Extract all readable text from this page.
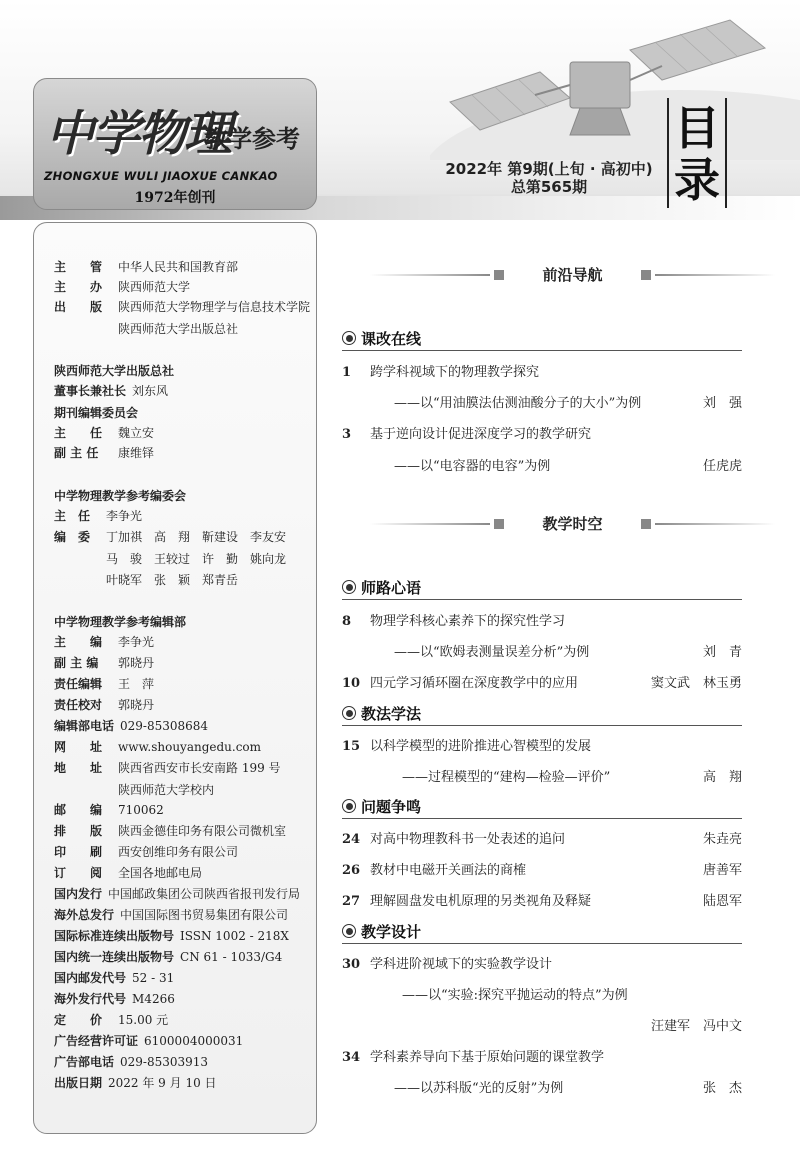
中学物理
教学参考
ZHONGXUE WULI JIAOXUE CANKAO
1972年创刊
2022年 第9期(上旬 · 高初中)
总第565期
目
录
主　　管 中华人民共和国教育部
主　　办 陕西师范大学
出　　版 陕西师范大学物理学与信息技术学院
陕西师范大学出版总社
陕西师范大学出版总社
董事长兼社长 刘东风
期刊编辑委员会
主　　任 魏立安
副 主 任 康维铎
中学物理教学参考编委会
主　任 李争光
编　委 丁加祺　高　翔　靳建设　李友安
马　骏　王较过　许　勤　姚向龙
叶晓军　张　颖　郑青岳
中学物理教学参考编辑部
主　　编 李争光
副 主 编 郭晓丹
责任编辑 王　萍
责任校对 郭晓丹
编辑部电话 029-85308684
网　　址 www.shouyangedu.com
地　　址 陕西省西安市长安南路 199 号
陕西师范大学校内
邮　　编 710062
排　　版 陕西金德佳印务有限公司微机室
印　　刷 西安创维印务有限公司
订　　阅 全国各地邮电局
国内发行 中国邮政集团公司陕西省报刊发行局
海外总发行 中国国际图书贸易集团有限公司
国际标准连续出版物号 ISSN 1002 - 218X
国内统一连续出版物号 CN 61 - 1033/G4
国内邮发代号 52 - 31
海外发行代号 M4266
定　　价 15.00 元
广告经营许可证 6100004000031
广告部电话 029-85303913
出版日期 2022 年 9 月 10 日
前沿导航
课改在线
1 跨学科视域下的物理教学探究
——以“用油膜法估测油酸分子的大小”为例	刘　强
3 基于逆向设计促进深度学习的教学研究
——以“电容器的电容”为例	任虎虎
教学时空
师路心语
8 物理学科核心素养下的探究性学习
——以“欧姆表测量误差分析”为例	刘　青
10 四元学习循环圈在深度教学中的应用	窦文武　林玉勇
教法学法
15 以科学模型的进阶推进心智模型的发展
——过程模型的“建构—检验—评价”	高　翔
问题争鸣
24 对高中物理教科书一处表述的追问	朱垚亮
26 教材中电磁开关画法的商榷	唐善军
27 理解圆盘发电机原理的另类视角及释疑	陆恩军
教学设计
30 学科进阶视域下的实验教学设计
——以“实验:探究平抛运动的特点”为例
汪建军　冯中文
34 学科素养导向下基于原始问题的课堂教学
——以苏科版“光的反射”为例	张　杰
